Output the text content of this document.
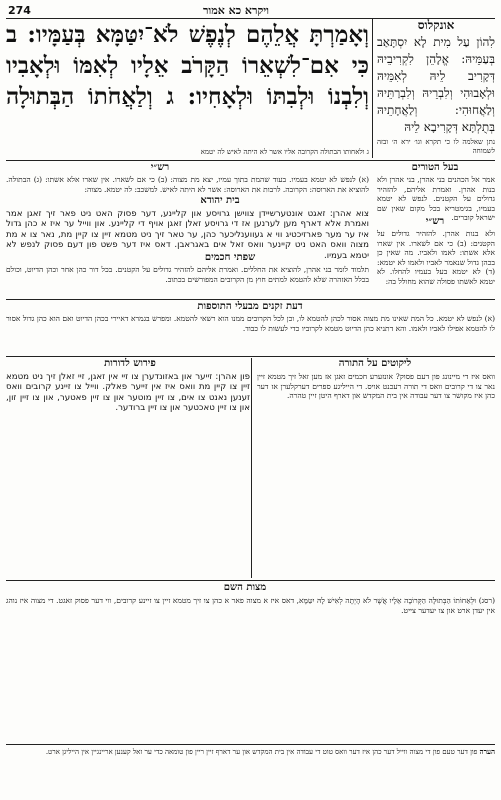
274	ויקרא כא אמור
אונקלוס
לִהוֹן עַל מִית לָא יִסְתָּאַב בְּעַמֵּיהּ: אֱלָהֵן לִקְרִיבֵיהּ דְּקָרִיב לֵיהּ לְאִמֵּיהּ וּלְאָבוּהִי וְלִבְרֵיהּ וְלִבְרַתֵּיהּ וְלַאֲחוּהִי: וְלַאֲחָתֵיהּ בְּתֻלְתָּא דְּקָרִיבָא לֵיהּ
נתן שאלמה לו כי תקרא וגו׳ ירא ה׳ ובזה לשמוחה
וְאָמַרְתָּ אֲלֵהֶם לְנֶפֶשׁ לֹא־יִטַּמָּא בְּעַמָּיו: ב כִּי אִם־לִשְׁאֵרוֹ הַקָּרֹב אֵלָיו לְאִמּוֹ וּלְאָבִיו וְלִבְנוֹ וּלְבִתּוֹ וּלְאָחִיו: ג וְלַאֲחֹתוֹ הַבְּתוּלָה
ג ולאחותו הבתולה הקרובה אליו אשר לא היתה לאיש לה יטמא
רש״י
(א) לנפש לא יטמא בעמיו. בעוד שהמת בתוך עמיו, יצא מת מצוה: (ב) כי אם לשארו. אין שארו אלא אשתו: (ג) הבתולה. להוציא את הארוסה: הקרובה. לרבות את הארוסה: אשר לא היתה לאיש. למשכב: לה יטמא. מצוה:
בעל הטורים
אמר אל הכהנים בני אהרן, בני אהרן ולא בנות אהרן. ואמרת אליהם, להזהיר גדולים על הקטנים. לנפש לא יטמא בעמיו, בגימטריא בכל מקום שאין שם ישראל קוברים.
בית יהודא
צוא אהרן: זאגט אונטערשיידן צווישן גרויסע און קליינע, דער פסוק האט ניט פאר זיך זאגן אמר ואמרת אלא דארף מען לערנען אז די גרויסע זאלן זאגן אויף די קליינע. און ווייל ער איז א כהן גדול איז ער מער פארזיכטיג ווי א געווענליכער כהן, ער טאר זיך ניט מטמא זיין צו קיין מת, נאר צו א מת מצוה וואס האט ניט קיינער וואס זאל אים באגראבן. דאס איז דער פשט פון דעם פסוק לנפש לא יטמא בעמיו.
רש״י
ולא בנות אהרן. להזהיר גדולים על הקטנים: (ב) כי אם לשארו. אין שארו אלא אשתו: לאמו ולאביו. מה שאין כן בכהן גדול שנאמר לאביו ולאמו לא יטמא: (ד) לא יטמא בעל בעמיו להחלו. לא יטמא לאשתו פסולה שהוא מחולל בה:
שפתי חכמים
תלמוד לומר בני אהרן, להוציא את החללים. ואמרת אליהם להזהיר גדולים על הקטנים. בכל דור כהן אחר וכהן הדיוט, וכולם בכלל האזהרה שלא להטמא למתים חוץ מן הקרובים המפורשים בכתוב.
דעת זקנים מבעלי התוספות
(א) לנפש לא יטמא. כל המת שאינו מת מצוה אסור לכהן להטמא לו, וכן לכל הקרובים ממנו הוא רשאי להטמא. ומפרש בגמרא דאיירי בכהן הדיוט ואם הוא כהן גדול אסור לו להטמא אפילו לאביו ולאמו. והא דתניא כהן הדיוט מטמא לקרוביו כדי לעשות לו כבוד.
פירוש לדורות
פון אהרן: זייער און באזונדערן צו זיי אין זאגן, זיי זאלן זיך ניט מטמא זיין צו קיין מת וואס איז אין זייער פאלק. ווייל צו זיינע קרובים וואס זענען נאנט צו אים, צו זיין מוטער און צו זיין פאטער, און צו זיין זון, און צו זיין טאכטער און צו זיין ברודער.
ליקוטים על התורה
וואס איז די מיינונג פון דעם פסוק? אונזערע חכמים זאגן אז מען זאל זיך מטמא זיין נאר צו די קרובים וואס די תורה רעכנט אויס. די הייליגע ספרים דערקלערן אז דער כהן איז מקושר צו דער עבודה אין בית המקדש און דארף היטן זיין טהרה.
מצות השם
(רסג) וּלְאַחוֹתוֹ הַבְּתוּלָה הַקְּרוֹבָה אֵלָיו אֲשֶׁר לֹא הָיְתָה לְאִישׁ לָהּ יִטַּמָּא, דאס איז א מצוה פאר א כהן צו זיך מטמא זיין צו זיינע קרובים, ווי דער פסוק זאגט. די מצוה איז נוהג אין יעדן ארט און צו יעדער צייט.
הערה פון דער טעם פון די מצוה ווייל דער כהן איז דער וואס טוט די עבודה אין בית המקדש און ער דארף זיין ריין פון טומאה כדי ער זאל קענען אריינגיין אין הייליגן ארט.
